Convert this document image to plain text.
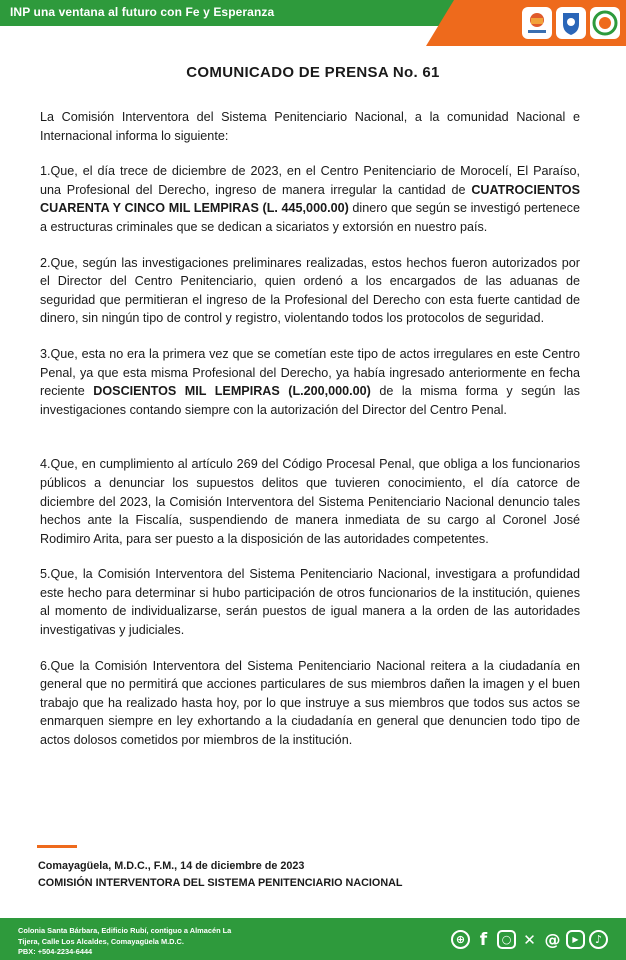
INP una ventana al futuro con Fe y Esperanza
COMUNICADO DE PRENSA No. 61

La Comisión Interventora del Sistema Penitenciario Nacional, a la comunidad Nacional e Internacional informa lo siguiente:

1.Que, el día trece de diciembre de 2023, en el Centro Penitenciario de Morocelí, El Paraíso, una Profesional del Derecho, ingreso de manera irregular la cantidad de CUATROCIENTOS CUARENTA Y CINCO MIL LEMPIRAS (L. 445,000.00) dinero que según se investigó pertenece a estructuras criminales que se dedican a sicariatos y extorsión en nuestro país.

2.Que, según las investigaciones preliminares realizadas, estos hechos fueron autorizados por el Director del Centro Penitenciario, quien ordenó a los encargados de las aduanas de seguridad que permitieran el ingreso de la Profesional del Derecho con esta fuerte cantidad de dinero, sin ningún tipo de control y registro, violentando todos los protocolos de seguridad.

3.Que, esta no era la primera vez que se cometían este tipo de actos irregulares en este Centro Penal, ya que esta misma Profesional del Derecho, ya había ingresado anteriormente en fecha reciente DOSCIENTOS MIL LEMPIRAS (L.200,000.00) de la misma forma y según las investigaciones contando siempre con la autorización del Director del Centro Penal.

4.Que, en cumplimiento al artículo 269 del Código Procesal Penal, que obliga a los funcionarios públicos a denunciar los supuestos delitos que tuvieren conocimiento, el día catorce de diciembre del 2023, la Comisión Interventora del Sistema Penitenciario Nacional denuncio tales hechos ante la Fiscalía, suspendiendo de manera inmediata de su cargo al Coronel José Rodimiro Arita, para ser puesto a la disposición de las autoridades competentes.

5.Que, la Comisión Interventora del Sistema Penitenciario Nacional, investigara a profundidad este hecho para determinar si hubo participación de otros funcionarios de la institución, quienes al momento de individualizarse, serán puestos de igual manera a la orden de las autoridades investigativas y judiciales.

6.Que la Comisión Interventora del Sistema Penitenciario Nacional reitera a la ciudadanía en general que no permitirá que acciones particulares de sus miembros dañen la imagen y el buen trabajo que ha realizado hasta hoy, por lo que instruye a sus miembros que todos sus actos se enmarquen siempre en ley exhortando a la ciudadanía en general que denuncien todo tipo de actos dolosos cometidos por miembros de la institución.

Comayagüela, M.D.C., F.M., 14 de diciembre de 2023
COMISIÓN INTERVENTORA DEL SISTEMA PENITENCIARIO NACIONAL
Colonia Santa Bárbara, Edificio Rubí, contiguo a Almacén La
Tijera, Calle Los Alcaldes, Comayagüela M.D.C.
PBX: +504-2234-6444
⊕ f	○ ✕ @	▶	♪
